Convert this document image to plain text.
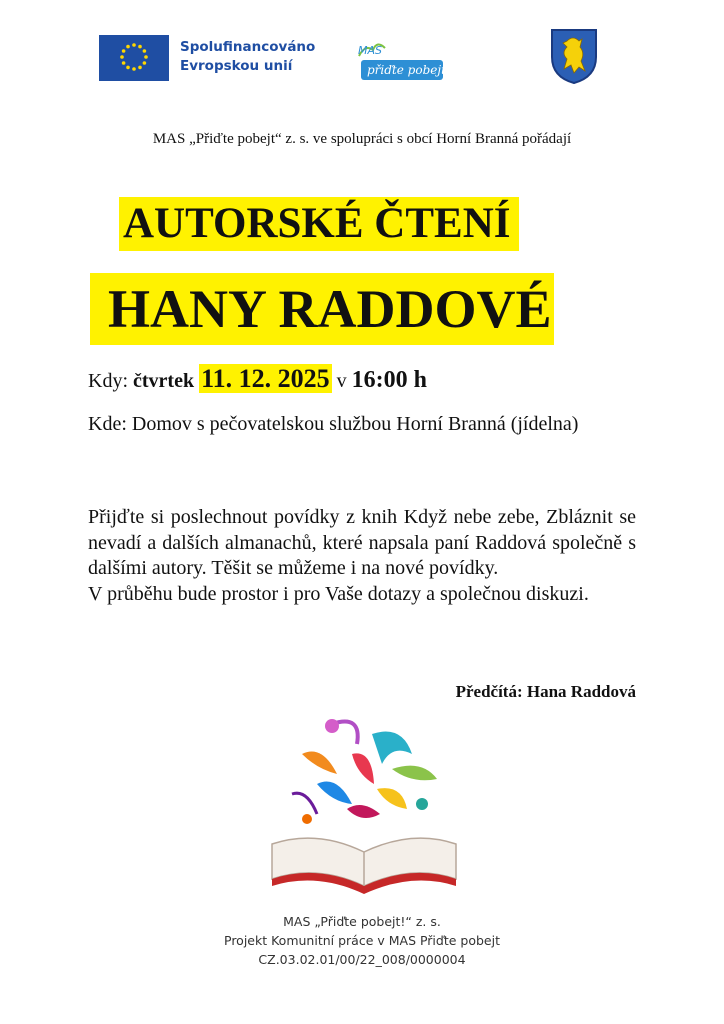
Spolufinancováno
Evropskou unií
MAS
přiďte pobejt
MAS „Přiďte pobejt“ z. s. ve spolupráci s obcí Horní Branná pořádají
AUTORSKÉ ČTENÍ
HANY RADDOVÉ
Kdy: čtvrtek 11. 12. 2025 v 16:00 h
Kde: Domov s pečovatelskou službou Horní Branná (jídelna)

Přijďte si poslechnout povídky z knih Když nebe zebe, Zbláznit se nevadí a dalších almanachů, které napsala paní Raddová společně s dalšími autory. Těšit se můžeme i na nové povídky.

V průběhu bude prostor i pro Vaše dotazy a společnou diskuzi.

Předčítá: Hana Raddová
MAS „Přiďte pobejt!“ z. s.
Projekt Komunitní práce v MAS Přiďte pobejt
CZ.03.02.01/00/22_008/0000004
